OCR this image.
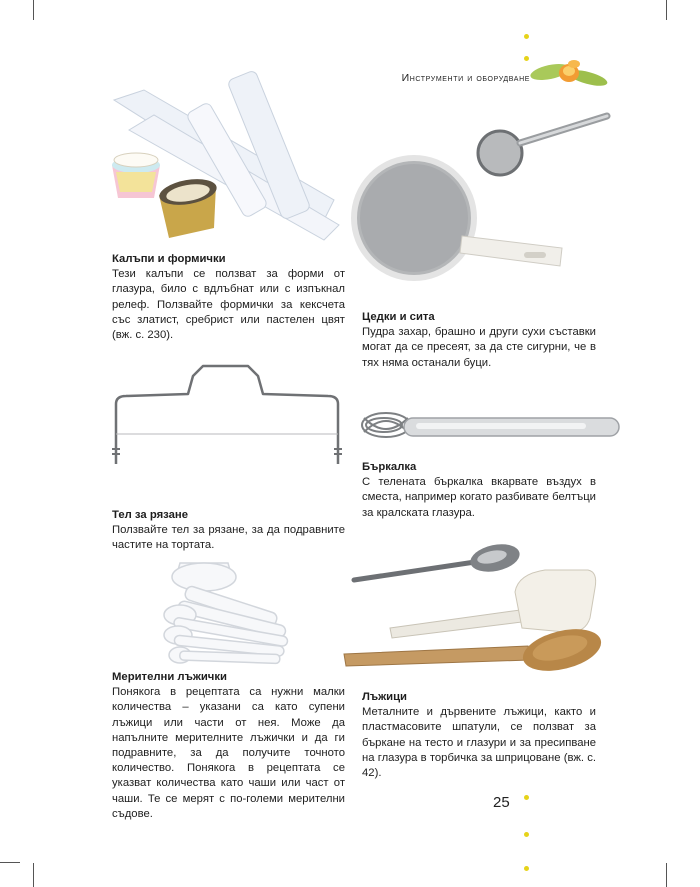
Инструменти и оборудване
Калъпи и формички

Тези калъпи се ползват за форми от глазура, било с вдлъбнат или с изпъкнал релеф. Ползвайте формички за кексчета със златист, сребрист или пастелен цвят (вж. с. 230).

Цедки и сита

Пудра захар, брашно и други сухи съставки могат да се пресеят, за да сте сигурни, че в тях няма останали буци.

Бъркалка

С телената бъркалка вкарвате въздух в сместа, например когато разбивате белтъци за кралската глазура.

Тел за рязане

Ползвайте тел за рязане, за да подравните частите на тортата.

Мерителни лъжички

Понякога в рецептата са нужни малки количества – указани са като супени лъжици или части от нея. Може да напълните мерителните лъжички и да ги подравните, за да получите точното количество. Понякога в рецептата се указват количества като чаши или част от чаши. Те се мерят с по-големи мерителни съдове.

Лъжици

Металните и дървените лъжици, както и пластмасовите шпатули, се ползват за бъркане на тесто и глазури и за пресипване на глазура в торбичка за шприцоване (вж. с. 42).

25
